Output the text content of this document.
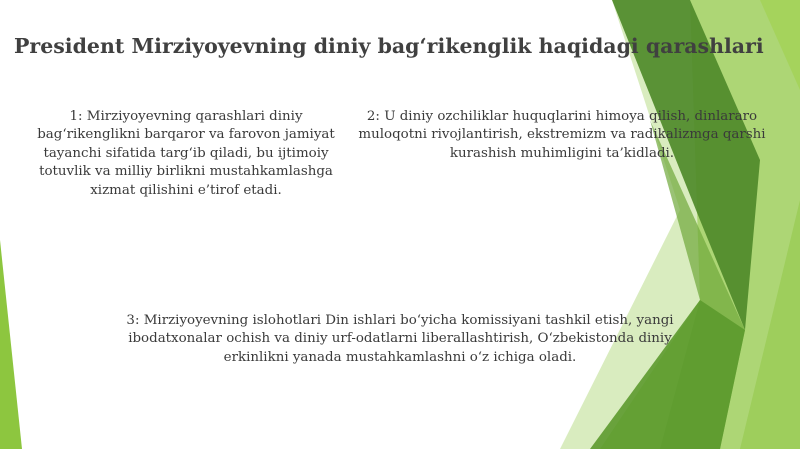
President Mirziyoyevning diniy bag‘rikenglik haqidagi qarashlari

1: Mirziyoyevning qarashlari diniy bag‘rikenglikni barqaror va farovon jamiyat tayanchi sifatida targ‘ib qiladi, bu ijtimoiy totuvlik va milliy birlikni mustahkamlashga xizmat qilishini e’tirof etadi.

2: U diniy ozchiliklar huquqlarini himoya qilish, dinlararo muloqotni rivojlantirish, ekstremizm va radikalizmga qarshi kurashish muhimligini ta’kidladi.

3: Mirziyoyevning islohotlari Din ishlari bo‘yicha komissiyani tashkil etish, yangi ibodatxonalar ochish va diniy urf-odatlarni liberallashtirish, O‘zbekistonda diniy erkinlikni yanada mustahkamlashni o‘z ichiga oladi.
